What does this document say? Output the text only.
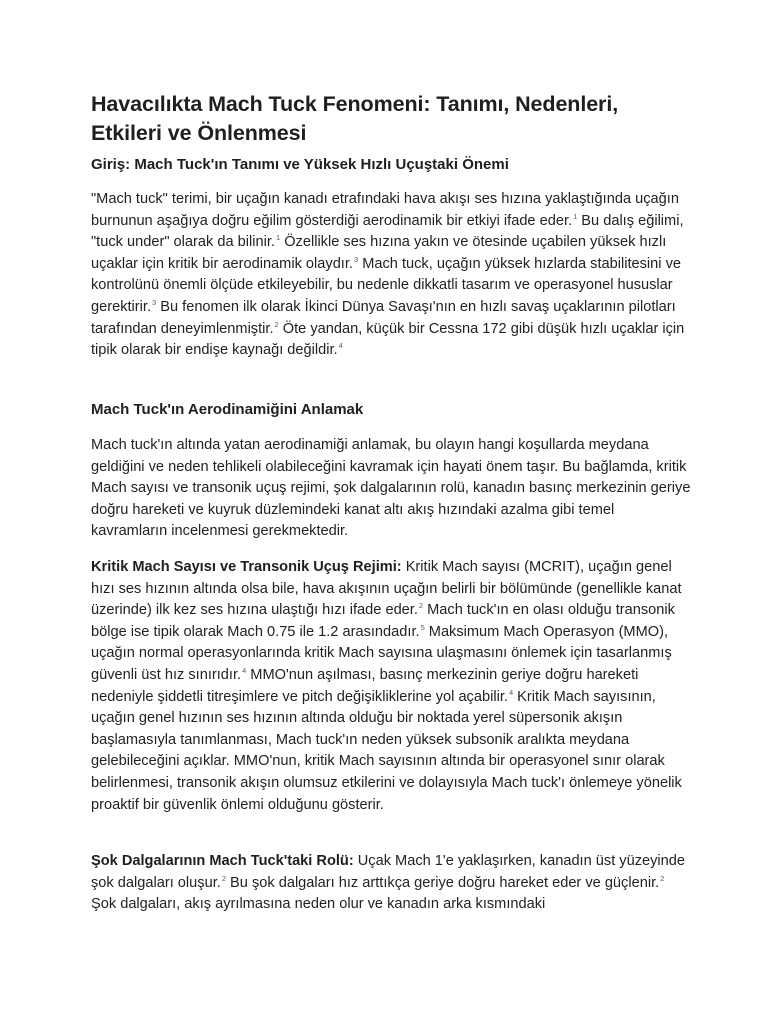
Havacılıkta Mach Tuck Fenomeni: Tanımı, Nedenleri, Etkileri ve Önlenmesi
Giriş: Mach Tuck'ın Tanımı ve Yüksek Hızlı Uçuştaki Önemi

"Mach tuck" terimi, bir uçağın kanadı etrafındaki hava akışı ses hızına yaklaştığında uçağın burnunun aşağıya doğru eğilim gösterdiği aerodinamik bir etkiyi ifade eder.$^1$ Bu dalış eğilimi, "tuck under" olarak da bilinir.$^1$ Özellikle ses hızına yakın ve ötesinde uçabilen yüksek hızlı uçaklar için kritik bir aerodinamik olaydır.$^3$ Mach tuck, uçağın yüksek hızlarda stabilitesini ve kontrolünü önemli ölçüde etkileyebilir, bu nedenle dikkatli tasarım ve operasyonel hususlar gerektirir.$^3$ Bu fenomen ilk olarak İkinci Dünya Savaşı'nın en hızlı savaş uçaklarının pilotları tarafından deneyimlenmiştir.$^2$ Öte yandan, küçük bir Cessna 172 gibi düşük hızlı uçaklar için tipik olarak bir endişe kaynağı değildir.$^4$

Mach Tuck'ın Aerodinamiğini Anlamak

Mach tuck'ın altında yatan aerodinamiği anlamak, bu olayın hangi koşullarda meydana geldiğini ve neden tehlikeli olabileceğini kavramak için hayati önem taşır. Bu bağlamda, kritik Mach sayısı ve transonik uçuş rejimi, şok dalgalarının rolü, kanadın basınç merkezinin geriye doğru hareketi ve kuyruk düzlemindeki kanat altı akış hızındaki azalma gibi temel kavramların incelenmesi gerekmektedir.

Kritik Mach Sayısı ve Transonik Uçuş Rejimi: Kritik Mach sayısı (MCRIT), uçağın genel hızı ses hızının altında olsa bile, hava akışının uçağın belirli bir bölümünde (genellikle kanat üzerinde) ilk kez ses hızına ulaştığı hızı ifade eder.$^2$ Mach tuck'ın en olası olduğu transonik bölge ise tipik olarak Mach 0.75 ile 1.2 arasındadır.$^5$ Maksimum Mach Operasyon (MMO), uçağın normal operasyonlarında kritik Mach sayısına ulaşmasını önlemek için tasarlanmış güvenli üst hız sınırıdır.$^4$ MMO'nun aşılması, basınç merkezinin geriye doğru hareketi nedeniyle şiddetli titreşimlere ve pitch değişikliklerine yol açabilir.$^4$ Kritik Mach sayısının, uçağın genel hızının ses hızının altında olduğu bir noktada yerel süpersonik akışın başlamasıyla tanımlanması, Mach tuck'ın neden yüksek subsonik aralıkta meydana gelebileceğini açıklar. MMO'nun, kritik Mach sayısının altında bir operasyonel sınır olarak belirlenmesi, transonik akışın olumsuz etkilerini ve dolayısıyla Mach tuck'ı önlemeye yönelik proaktif bir güvenlik önlemi olduğunu gösterir.

Şok Dalgalarının Mach Tuck'taki Rolü: Uçak Mach 1'e yaklaşırken, kanadın üst yüzeyinde şok dalgaları oluşur.$^2$ Bu şok dalgaları hız arttıkça geriye doğru hareket eder ve güçlenir.$^2$ Şok dalgaları, akış ayrılmasına neden olur ve kanadın arka kısmındaki
